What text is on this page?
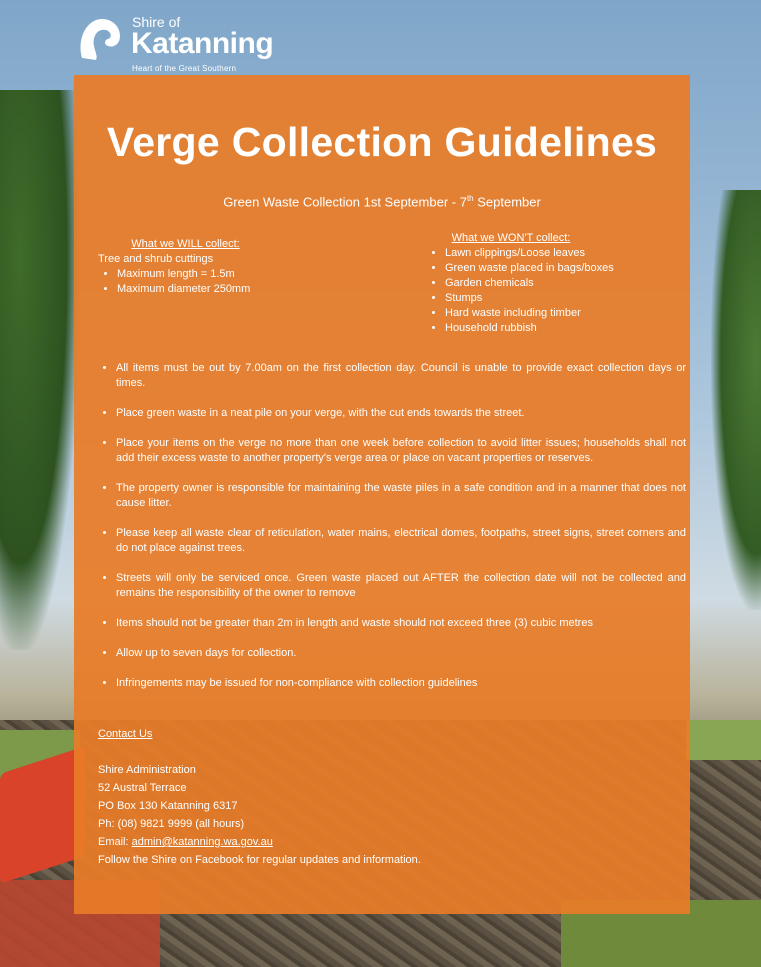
Shire of
Katanning
Heart of the Great Southern
Verge Collection Guidelines
Green Waste Collection 1st September - 7th September
What we WILL collect:
Tree and shrub cuttings
• Maximum length = 1.5m
• Maximum diameter 250mm
What we WON'T collect:
• Lawn clippings/Loose leaves
• Green waste placed in bags/boxes
• Garden chemicals
• Stumps
• Hard waste including timber
• Household rubbish
• All items must be out by 7.00am on the first collection day. Council is unable to provide exact collection days or times.
• Place green waste in a neat pile on your verge, with the cut ends towards the street.
• Place your items on the verge no more than one week before collection to avoid litter issues; households shall not add their excess waste to another property's verge area or place on vacant properties or reserves.
• The property owner is responsible for maintaining the waste piles in a safe condition and in a manner that does not cause litter.
• Please keep all waste clear of reticulation, water mains, electrical domes, footpaths, street signs, street corners and do not place against trees.
• Streets will only be serviced once. Green waste placed out AFTER the collection date will not be collected and remains the responsibility of the owner to remove
• Items should not be greater than 2m in length and waste should not exceed three (3) cubic metres
• Allow up to seven days for collection.
• Infringements may be issued for non-compliance with collection guidelines
Contact Us
Shire Administration
52 Austral Terrace
PO Box 130 Katanning 6317
Ph: (08) 9821 9999 (all hours)
Email: admin@katanning.wa.gov.au
Follow the Shire on Facebook for regular updates and information.
